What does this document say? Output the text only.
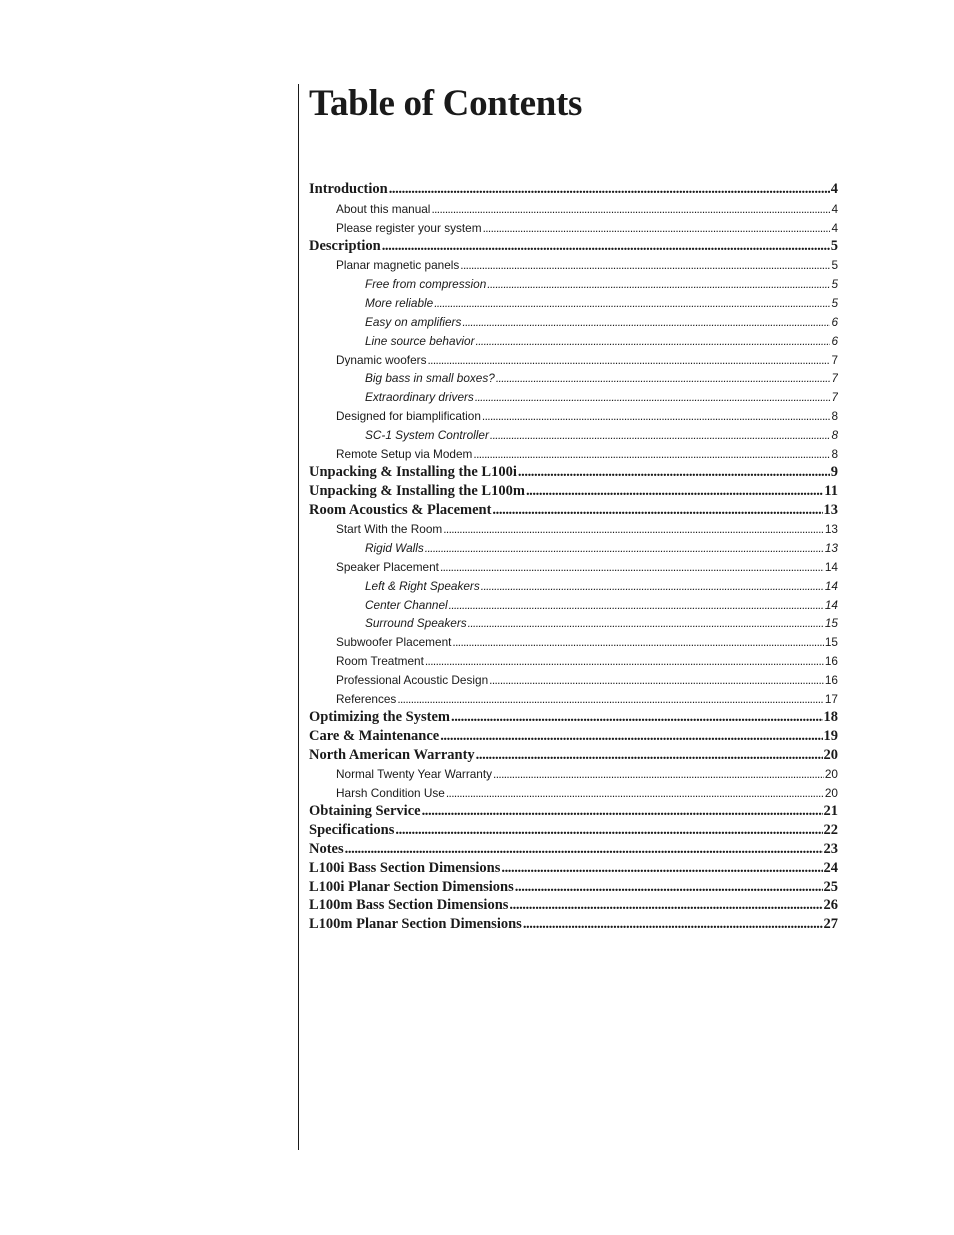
Table of Contents
Introduction .....	4
About this manual .....	4
Please register your system .....	4
Description .....	5
Planar magnetic panels .....	5
Free from compression .....	5
More reliable .....	5
Easy on amplifiers .....	6
Line source behavior .....	6
Dynamic woofers .....	7
Big bass in small boxes? .....	7
Extraordinary drivers .....	7
Designed for biamplification .....	8
SC-1 System Controller .....	8
Remote Setup via Modem .....	8
Unpacking & Installing the L100i .....	9
Unpacking & Installing the L100m .....	11
Room Acoustics & Placement .....	13
Start With the Room .....	13
Rigid Walls .....	13
Speaker Placement .....	14
Left & Right Speakers .....	14
Center Channel .....	14
Surround Speakers .....	15
Subwoofer Placement .....	15
Room Treatment .....	16
Professional Acoustic Design .....	16
References .....	17
Optimizing the System .....	18
Care & Maintenance .....	19
North American Warranty .....	20
Normal Twenty Year Warranty .....	20
Harsh Condition Use .....	20
Obtaining Service .....	21
Specifications .....	22
Notes .....	23
L100i Bass Section Dimensions .....	24
L100i Planar Section Dimensions .....	25
L100m Bass Section Dimensions .....	26
L100m Planar Section Dimensions .....	27
